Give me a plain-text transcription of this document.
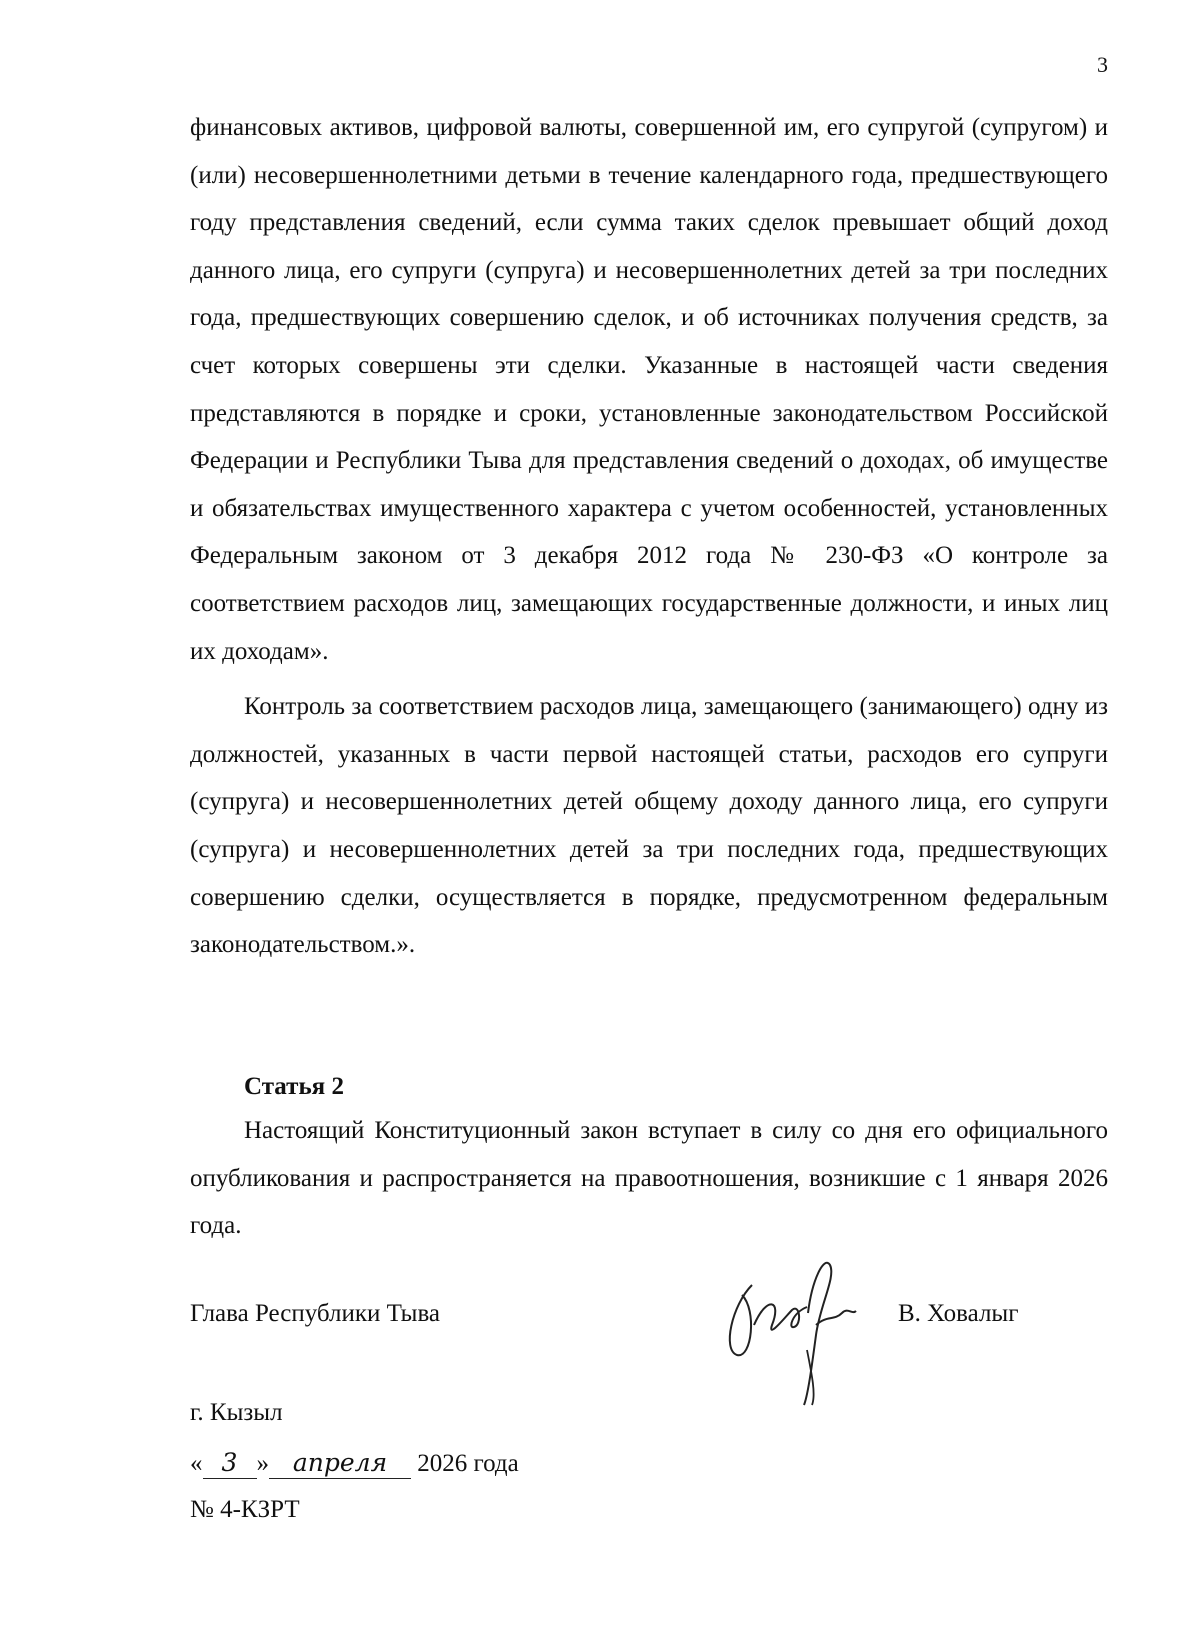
3

финансовых активов, цифровой валюты, совершенной им, его супругой (супругом) и (или) несовершеннолетними детьми в течение календарного года, предшествующего году представления сведений, если сумма таких сделок превышает общий доход данного лица, его супруги (супруга) и несовершеннолетних детей за три последних года, предшествующих совершению сделок, и об источниках получения средств, за счет которых совершены эти сделки. Указанные в настоящей части сведения представляются в порядке и сроки, установленные законодательством Российской Федерации и Республики Тыва для представления сведений о доходах, об имуществе и обязательствах имущественного характера с учетом особенностей, установленных Федеральным законом от 3 декабря 2012 года № 230-ФЗ «О контроле за соответствием расходов лиц, замещающих государственные должности, и иных лиц их доходам».

Контроль за соответствием расходов лица, замещающего (занимающего) одну из должностей, указанных в части первой настоящей статьи, расходов его супруги (супруга) и несовершеннолетних детей общему доходу данного лица, его супруги (супруга) и несовершеннолетних детей за три последних года, предшествующих совершению сделки, осуществляется в порядке, предусмотренном федеральным законодательством.».

Статья 2

Настоящий Конституционный закон вступает в силу со дня его официального опубликования и распространяется на правоотношения, возникшие с 1 января 2026 года.

Глава Республики Тыва	В. Ховалыг
г. Кызыл
« 3 » апреля 2026 года
№ 4-КЗРТ
